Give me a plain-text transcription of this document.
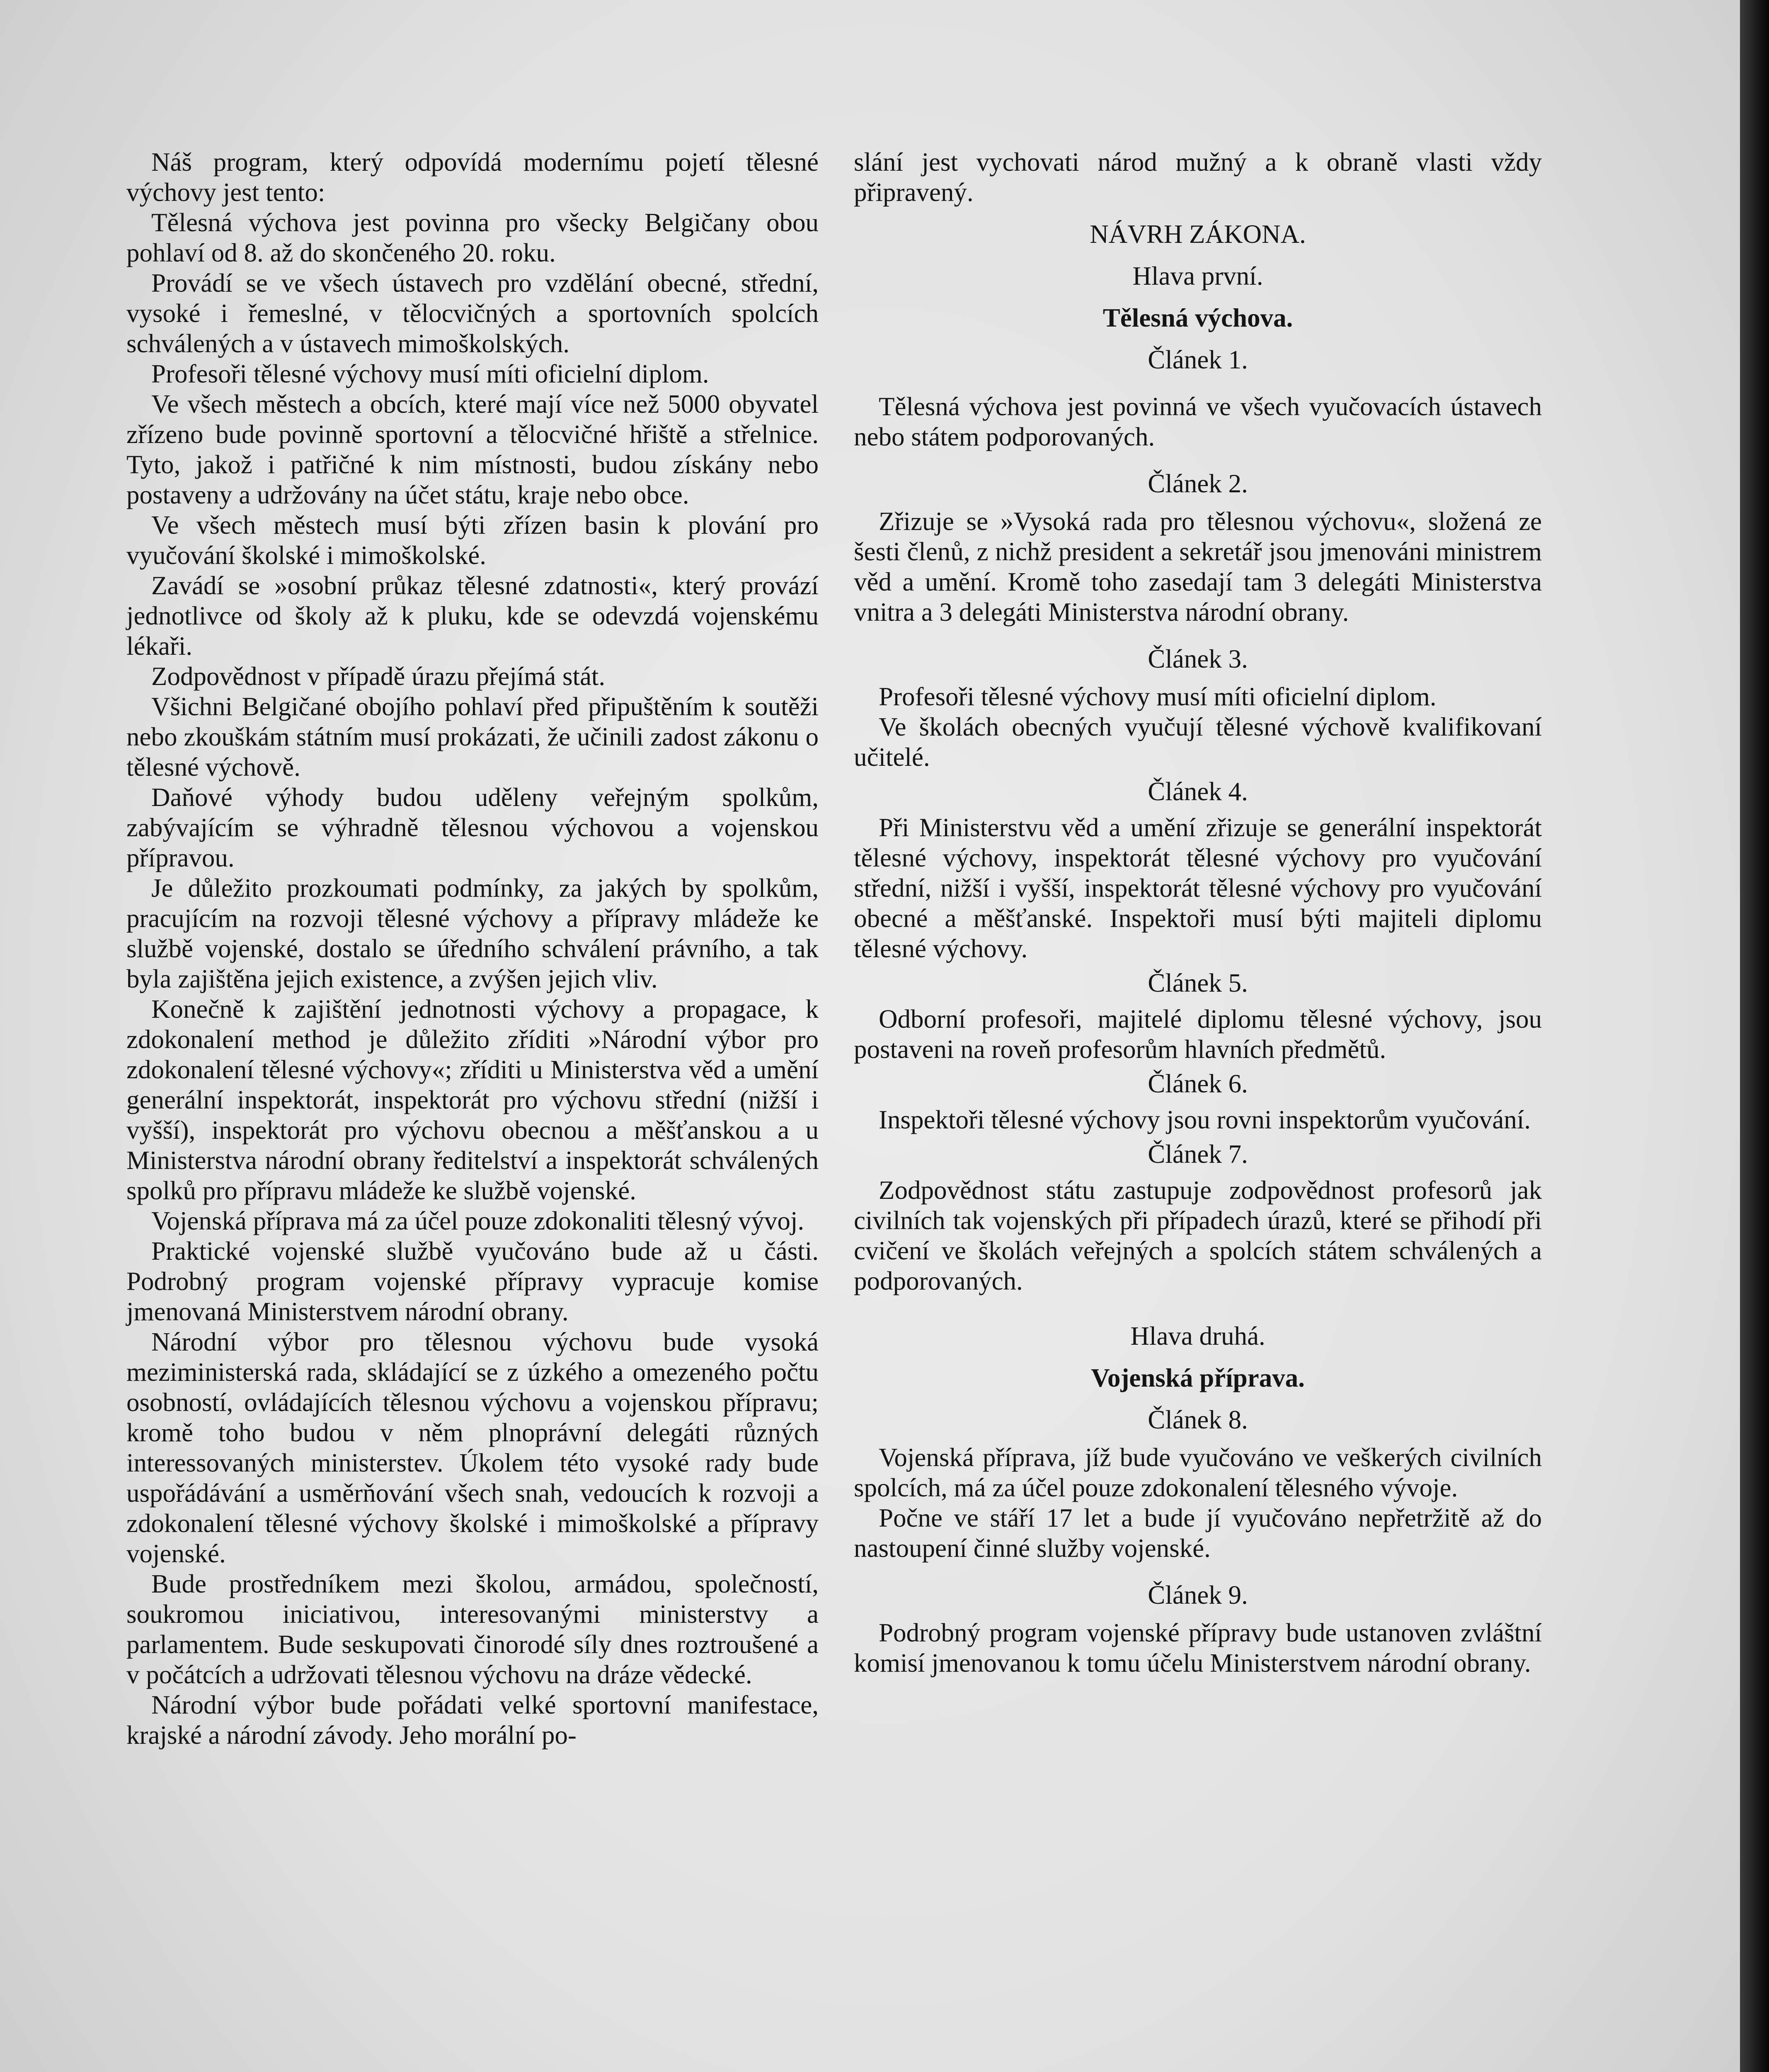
Náš program, který odpovídá modernímu pojetí tělesné výchovy jest tento:

Tělesná výchova jest povinna pro všecky Belgičany obou pohlaví od 8. až do skončeného 20. roku.

Provádí se ve všech ústavech pro vzdělání obecné, střední, vysoké i řemeslné, v tělocvičných a sportovních spolcích schválených a v ústavech mimoškolských.

Profesoři tělesné výchovy musí míti oficielní diplom.

Ve všech městech a obcích, které mají více než 5000 obyvatel zřízeno bude povinně sportovní a tělocvičné hřiště a střelnice. Tyto, jakož i patřičné k nim místnosti, budou získány nebo postaveny a udržovány na účet státu, kraje nebo obce.

Ve všech městech musí býti zřízen basin k plování pro vyučování školské i mimoškolské.

Zavádí se »osobní průkaz tělesné zdatnosti«, který provází jednotlivce od školy až k pluku, kde se odevzdá vojenskému lékaři.

Zodpovědnost v případě úrazu přejímá stát.

Všichni Belgičané obojího pohlaví před připuštěním k soutěži nebo zkouškám státním musí prokázati, že učinili zadost zákonu o tělesné výchově.

Daňové výhody budou uděleny veřejným spolkům, zabývajícím se výhradně tělesnou výchovou a vojenskou přípravou.

Je důležito prozkoumati podmínky, za jakých by spolkům, pracujícím na rozvoji tělesné výchovy a přípravy mládeže ke službě vojenské, dostalo se úředního schválení právního, a tak byla zajištěna jejich existence, a zvýšen jejich vliv.

Konečně k zajištění jednotnosti výchovy a propagace, k zdokonalení method je důležito zříditi »Národní výbor pro zdokonalení tělesné výchovy«; zříditi u Ministerstva věd a umění generální inspektorát, inspektorát pro výchovu střední (nižší i vyšší), inspektorát pro výchovu obecnou a měšťanskou a u Ministerstva národní obrany ředitelství a inspektorát schválených spolků pro přípravu mládeže ke službě vojenské.

Vojenská příprava má za účel pouze zdokonaliti tělesný vývoj.

Praktické vojenské službě vyučováno bude až u části. Podrobný program vojenské přípravy vypracuje komise jmenovaná Ministerstvem národní obrany.

Národní výbor pro tělesnou výchovu bude vysoká meziministerská rada, skládající se z úzkého a omezeného počtu osobností, ovládajících tělesnou výchovu a vojenskou přípravu; kromě toho budou v něm plnoprávní delegáti různých interessovaných ministerstev. Úkolem této vysoké rady bude uspořádávání a usměrňování všech snah, vedoucích k rozvoji a zdokonalení tělesné výchovy školské i mimoškolské a přípravy vojenské.

Bude prostředníkem mezi školou, armádou, společností, soukromou iniciativou, interesovanými ministerstvy a parlamentem. Bude seskupovati činorodé síly dnes roztroušené a v počátcích a udržovati tělesnou výchovu na dráze vědecké.

Národní výbor bude pořádati velké sportovní manifestace, krajské a národní závody. Jeho morální po-

slání jest vychovati národ mužný a k obraně vlasti vždy připravený.

NÁVRH ZÁKONA.

Hlava první.

Tělesná výchova.

Článek 1.

Tělesná výchova jest povinná ve všech vyučovacích ústavech nebo státem podporovaných.

Článek 2.

Zřizuje se »Vysoká rada pro tělesnou výchovu«, složená ze šesti členů, z nichž president a sekretář jsou jmenováni ministrem věd a umění. Kromě toho zasedají tam 3 delegáti Ministerstva vnitra a 3 delegáti Ministerstva národní obrany.

Článek 3.

Profesoři tělesné výchovy musí míti oficielní diplom.

Ve školách obecných vyučují tělesné výchově kvalifikovaní učitelé.

Článek 4.

Při Ministerstvu věd a umění zřizuje se generální inspektorát tělesné výchovy, inspektorát tělesné výchovy pro vyučování střední, nižší i vyšší, inspektorát tělesné výchovy pro vyučování obecné a měšťanské. Inspektoři musí býti majiteli diplomu tělesné výchovy.

Článek 5.

Odborní profesoři, majitelé diplomu tělesné výchovy, jsou postaveni na roveň profesorům hlavních předmětů.

Článek 6.

Inspektoři tělesné výchovy jsou rovni inspektorům vyučování.

Článek 7.

Zodpovědnost státu zastupuje zodpovědnost profesorů jak civilních tak vojenských při případech úrazů, které se přihodí při cvičení ve školách veřejných a spolcích státem schválených a podporovaných.

Hlava druhá.

Vojenská příprava.

Článek 8.

Vojenská příprava, jíž bude vyučováno ve veškerých civilních spolcích, má za účel pouze zdokonalení tělesného vývoje.

Počne ve stáří 17 let a bude jí vyučováno nepřetržitě až do nastoupení činné služby vojenské.

Článek 9.

Podrobný program vojenské přípravy bude ustanoven zvláštní komisí jmenovanou k tomu účelu Ministerstvem národní obrany.
